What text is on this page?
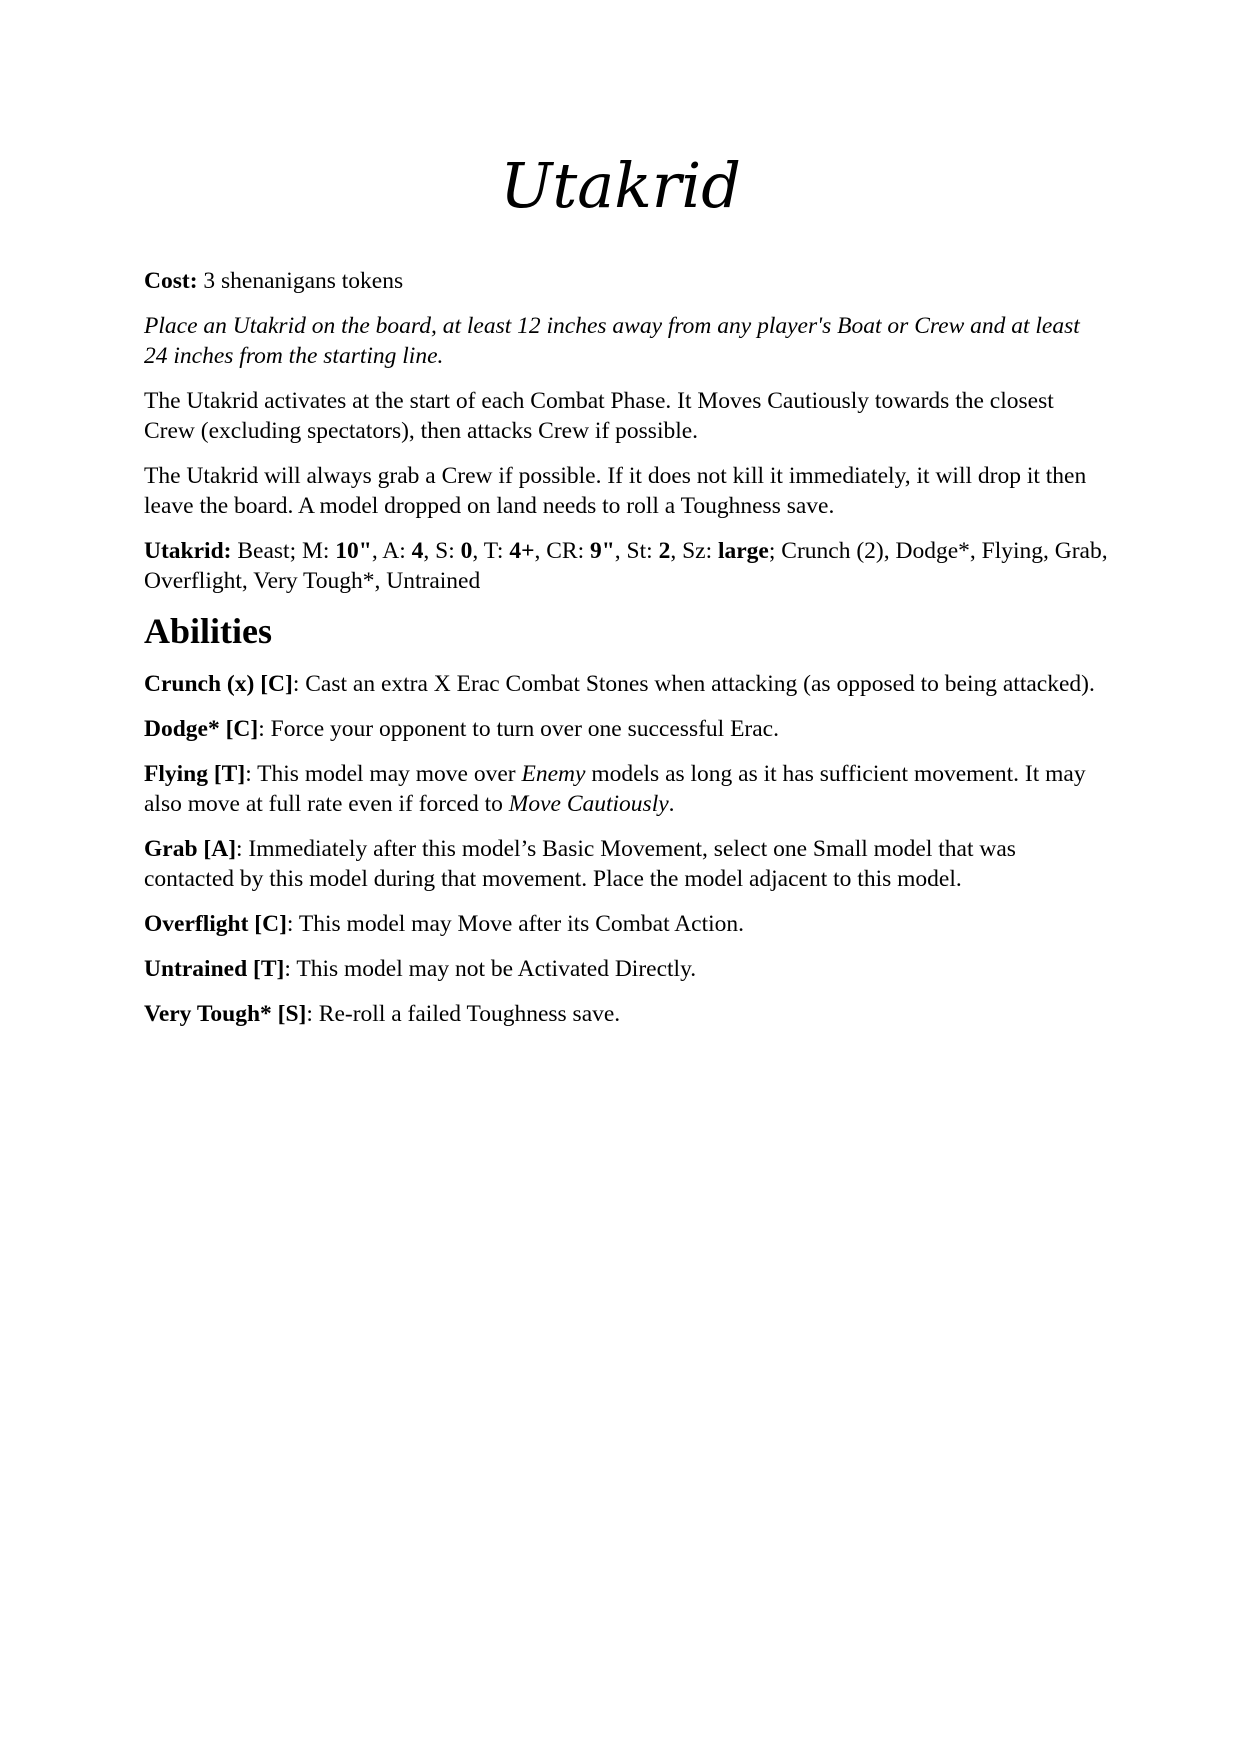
Utakrid

Cost: 3 shenanigans tokens

Place an Utakrid on the board, at least 12 inches away from any player's Boat or Crew and at least 24 inches from the starting line.

The Utakrid activates at the start of each Combat Phase. It Moves Cautiously towards the closest Crew (excluding spectators), then attacks Crew if possible.

The Utakrid will always grab a Crew if possible. If it does not kill it immediately, it will drop it then leave the board. A model dropped on land needs to roll a Toughness save.

Utakrid: Beast; M: 10", A: 4, S: 0, T: 4+, CR: 9", St: 2, Sz: large; Crunch (2), Dodge*, Flying, Grab, Overflight, Very Tough*, Untrained

Abilities

Crunch (x) [C]: Cast an extra X Erac Combat Stones when attacking (as opposed to being attacked).

Dodge* [C]: Force your opponent to turn over one successful Erac.

Flying [T]: This model may move over Enemy models as long as it has sufficient movement. It may also move at full rate even if forced to Move Cautiously.

Grab [A]: Immediately after this model’s Basic Movement, select one Small model that was contacted by this model during that movement. Place the model adjacent to this model.

Overflight [C]: This model may Move after its Combat Action.

Untrained [T]: This model may not be Activated Directly.

Very Tough* [S]: Re-roll a failed Toughness save.
